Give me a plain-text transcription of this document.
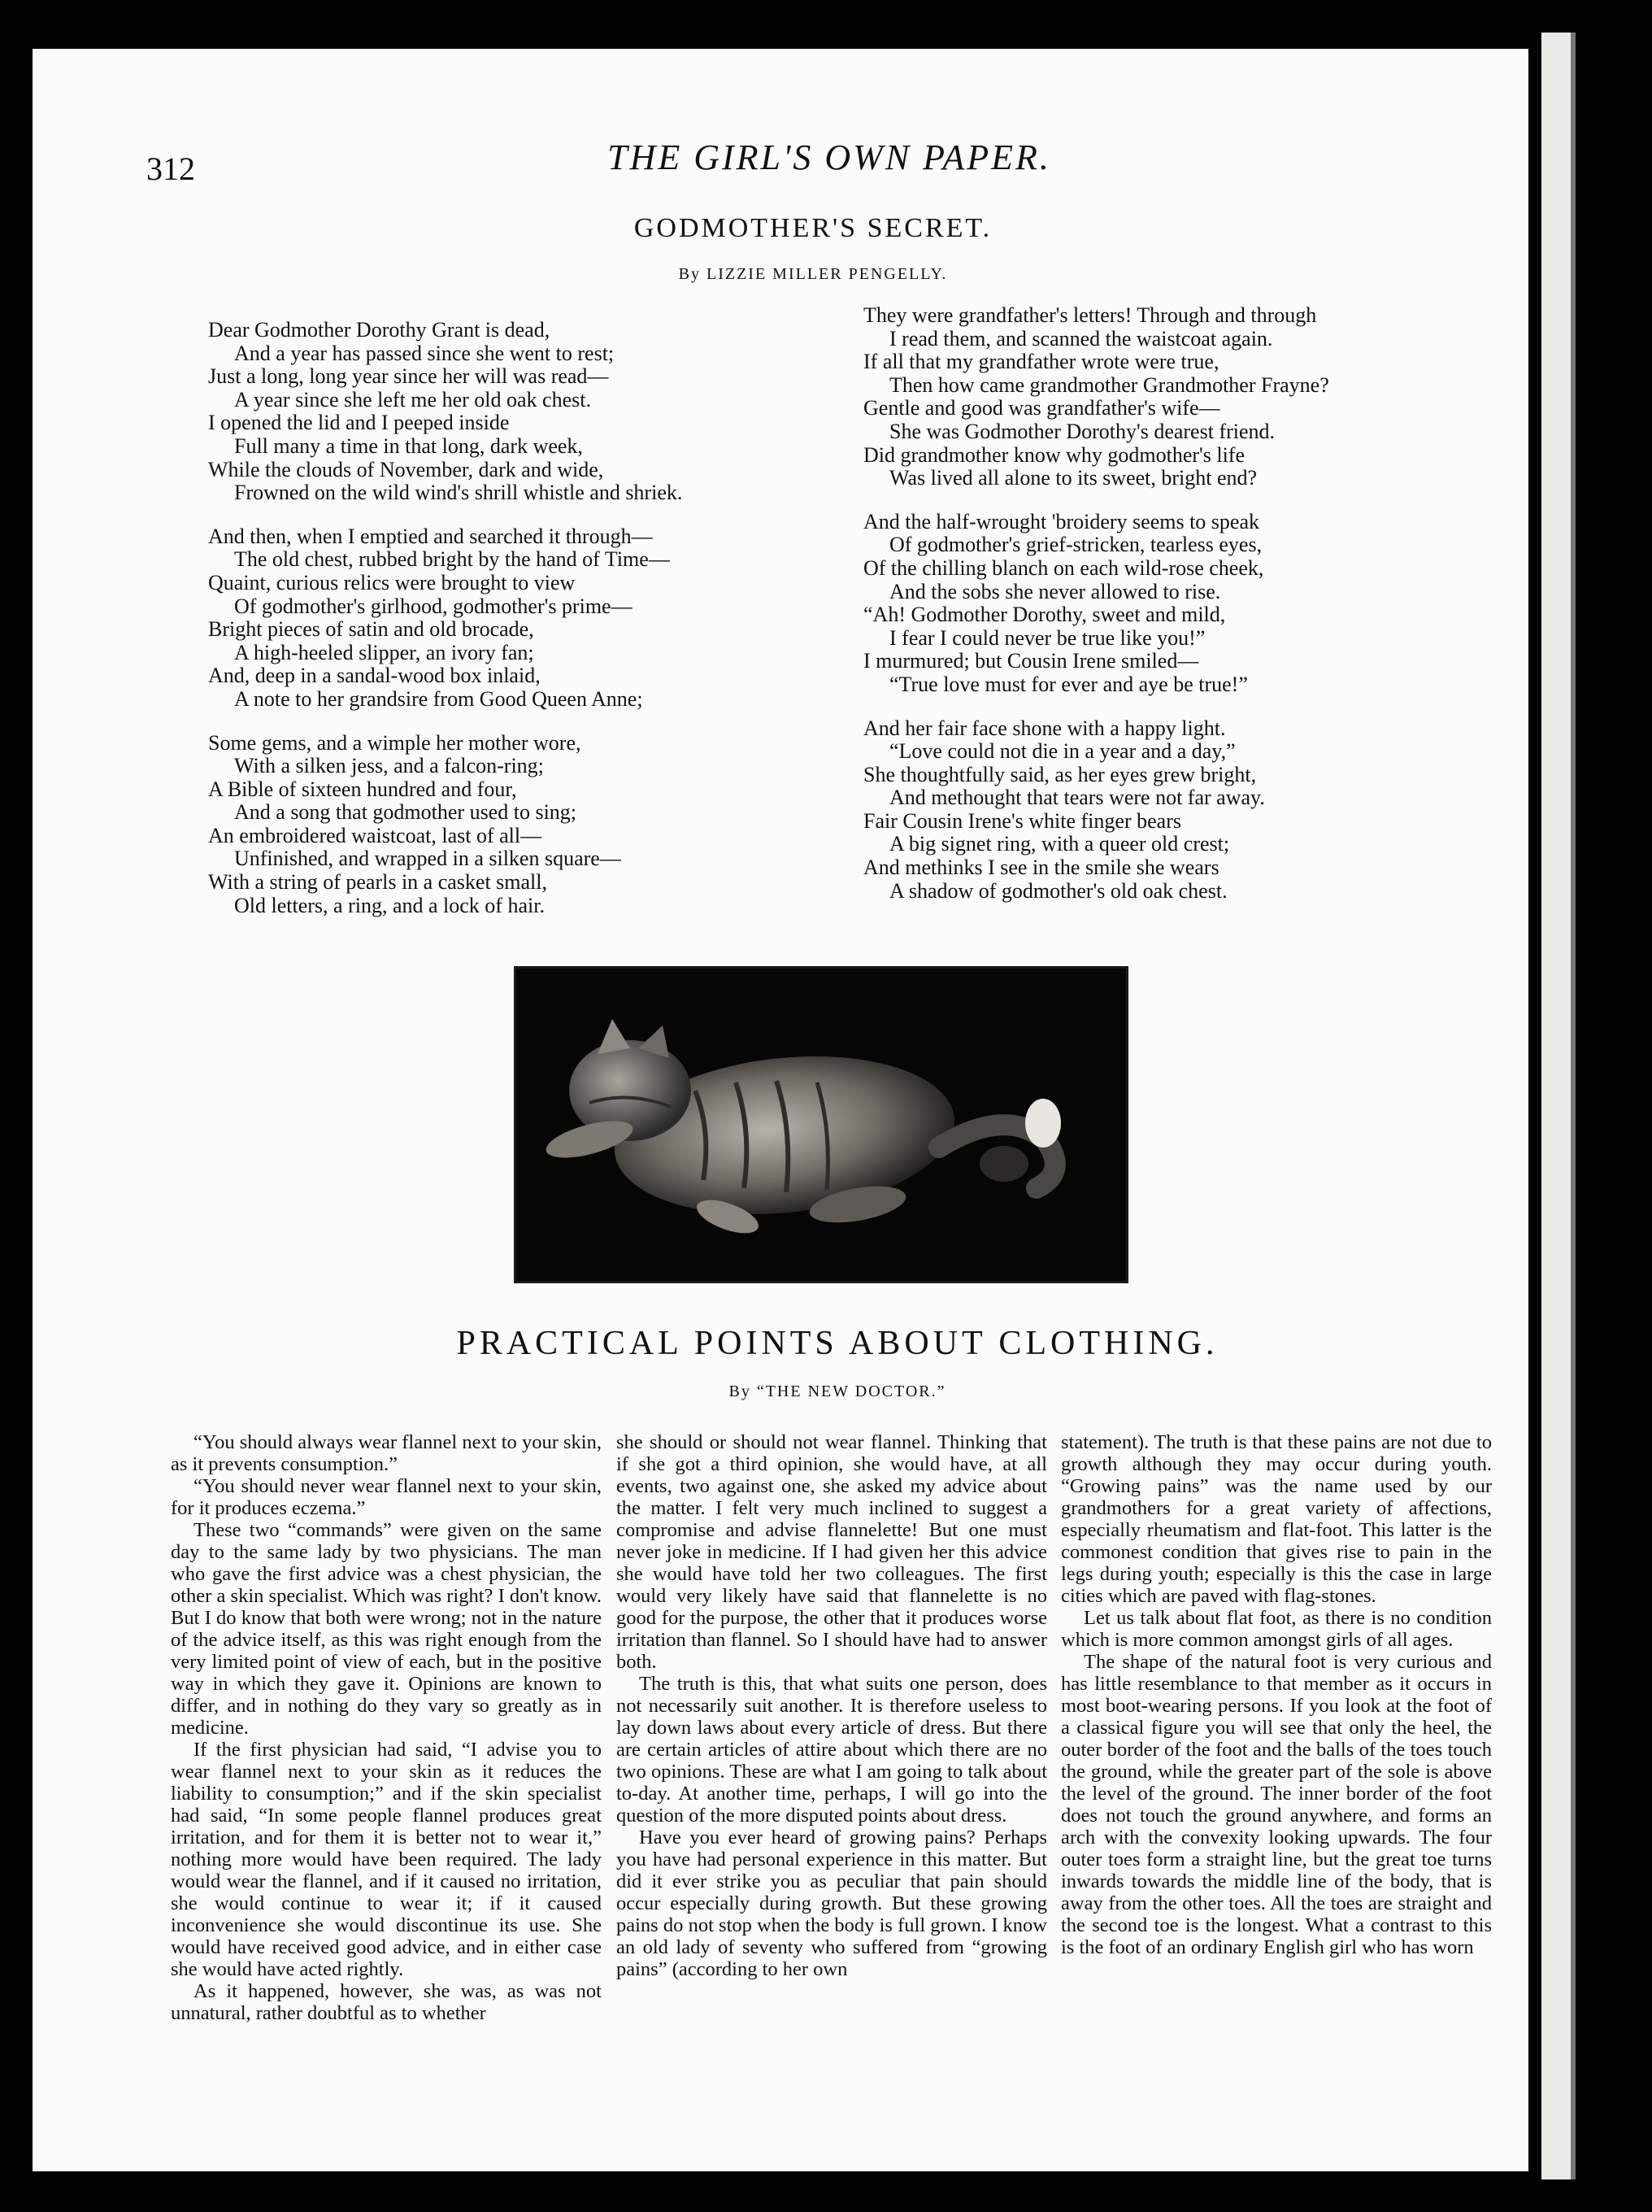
312	THE GIRL'S OWN PAPER.
GODMOTHER'S SECRET.
By LIZZIE MILLER PENGELLY.
Dear Godmother Dorothy Grant is dead,
And a year has passed since she went to rest;
Just a long, long year since her will was read—
A year since she left me her old oak chest.
I opened the lid and I peeped inside
Full many a time in that long, dark week,
While the clouds of November, dark and wide,
Frowned on the wild wind's shrill whistle and shriek.
And then, when I emptied and searched it through—
The old chest, rubbed bright by the hand of Time—
Quaint, curious relics were brought to view
Of godmother's girlhood, godmother's prime—
Bright pieces of satin and old brocade,
A high-heeled slipper, an ivory fan;
And, deep in a sandal-wood box inlaid,
A note to her grandsire from Good Queen Anne;
Some gems, and a wimple her mother wore,
With a silken jess, and a falcon-ring;
A Bible of sixteen hundred and four,
And a song that godmother used to sing;
An embroidered waistcoat, last of all—
Unfinished, and wrapped in a silken square—
With a string of pearls in a casket small,
Old letters, a ring, and a lock of hair.
They were grandfather's letters! Through and through
I read them, and scanned the waistcoat again.
If all that my grandfather wrote were true,
Then how came grandmother Grandmother Frayne?
Gentle and good was grandfather's wife—
She was Godmother Dorothy's dearest friend.
Did grandmother know why godmother's life
Was lived all alone to its sweet, bright end?
And the half-wrought 'broidery seems to speak
Of godmother's grief-stricken, tearless eyes,
Of the chilling blanch on each wild-rose cheek,
And the sobs she never allowed to rise.
“Ah! Godmother Dorothy, sweet and mild,
I fear I could never be true like you!”
I murmured; but Cousin Irene smiled—
“True love must for ever and aye be true!”
And her fair face shone with a happy light.
“Love could not die in a year and a day,”
She thoughtfully said, as her eyes grew bright,
And methought that tears were not far away.
Fair Cousin Irene's white finger bears
A big signet ring, with a queer old crest;
And methinks I see in the smile she wears
A shadow of godmother's old oak chest.
PRACTICAL POINTS ABOUT CLOTHING.
By “THE NEW DOCTOR.”

“You should always wear flannel next to your skin, as it prevents consumption.”

“You should never wear flannel next to your skin, for it produces eczema.”

These two “commands” were given on the same day to the same lady by two physicians. The man who gave the first advice was a chest physician, the other a skin specialist. Which was right? I don't know. But I do know that both were wrong; not in the nature of the advice itself, as this was right enough from the very limited point of view of each, but in the positive way in which they gave it. Opinions are known to differ, and in nothing do they vary so greatly as in medicine.

If the first physician had said, “I advise you to wear flannel next to your skin as it reduces the liability to consumption;” and if the skin specialist had said, “In some people flannel produces great irritation, and for them it is better not to wear it,” nothing more would have been required. The lady would wear the flannel, and if it caused no irritation, she would continue to wear it; if it caused inconvenience she would discontinue its use. She would have received good advice, and in either case she would have acted rightly.

As it happened, however, she was, as was not unnatural, rather doubtful as to whether

she should or should not wear flannel. Thinking that if she got a third opinion, she would have, at all events, two against one, she asked my advice about the matter. I felt very much inclined to suggest a compromise and advise flannelette! But one must never joke in medicine. If I had given her this advice she would have told her two colleagues. The first would very likely have said that flannelette is no good for the purpose, the other that it produces worse irritation than flannel. So I should have had to answer both.

The truth is this, that what suits one person, does not necessarily suit another. It is therefore useless to lay down laws about every article of dress. But there are certain articles of attire about which there are no two opinions. These are what I am going to talk about to-day. At another time, perhaps, I will go into the question of the more disputed points about dress.

Have you ever heard of growing pains? Perhaps you have had personal experience in this matter. But did it ever strike you as peculiar that pain should occur especially during growth. But these growing pains do not stop when the body is full grown. I know an old lady of seventy who suffered from “growing pains” (according to her own

statement). The truth is that these pains are not due to growth although they may occur during youth. “Growing pains” was the name used by our grandmothers for a great variety of affections, especially rheumatism and flat-foot. This latter is the commonest condition that gives rise to pain in the legs during youth; especially is this the case in large cities which are paved with flag-stones.

Let us talk about flat foot, as there is no condition which is more common amongst girls of all ages.

The shape of the natural foot is very curious and has little resemblance to that member as it occurs in most boot-wearing persons. If you look at the foot of a classical figure you will see that only the heel, the outer border of the foot and the balls of the toes touch the ground, while the greater part of the sole is above the level of the ground. The inner border of the foot does not touch the ground anywhere, and forms an arch with the convexity looking upwards. The four outer toes form a straight line, but the great toe turns inwards towards the middle line of the body, that is away from the other toes. All the toes are straight and the second toe is the longest. What a contrast to this is the foot of an ordinary English girl who has worn
